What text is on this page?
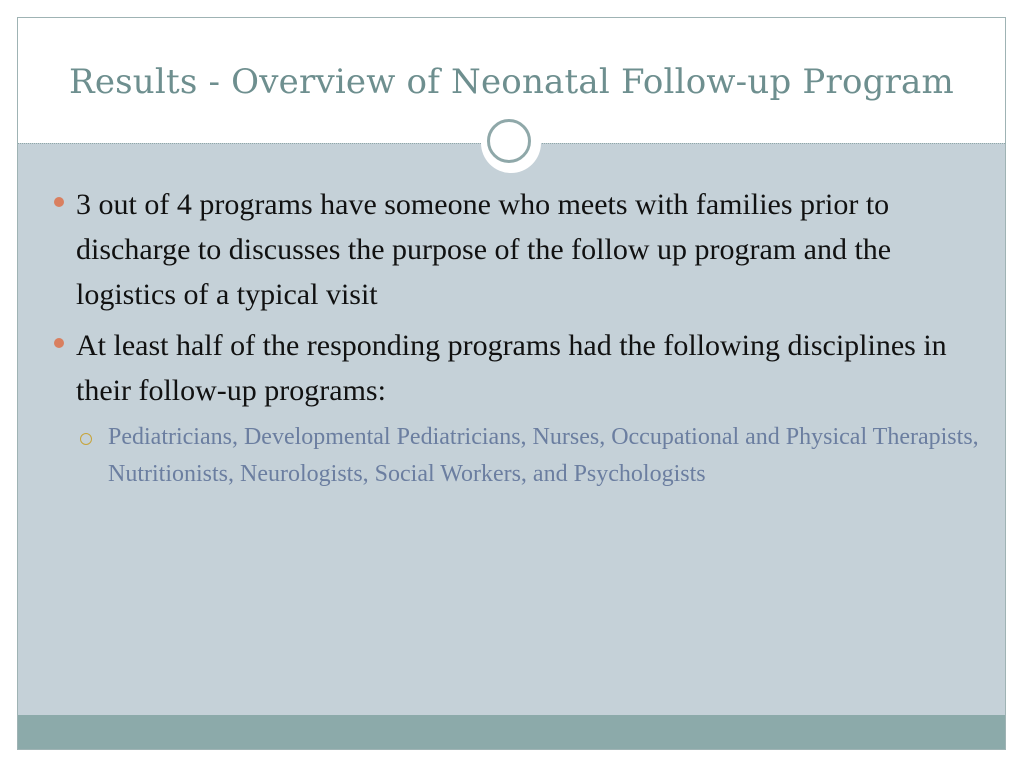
Results - Overview of Neonatal Follow-up Program
3 out of 4 programs have someone who meets with families prior to discharge to discusses the purpose of the follow up program and the logistics of a typical visit
At least half of the responding programs had the following disciplines in their follow-up programs:
Pediatricians, Developmental Pediatricians, Nurses, Occupational and Physical Therapists, Nutritionists, Neurologists, Social Workers, and Psychologists
